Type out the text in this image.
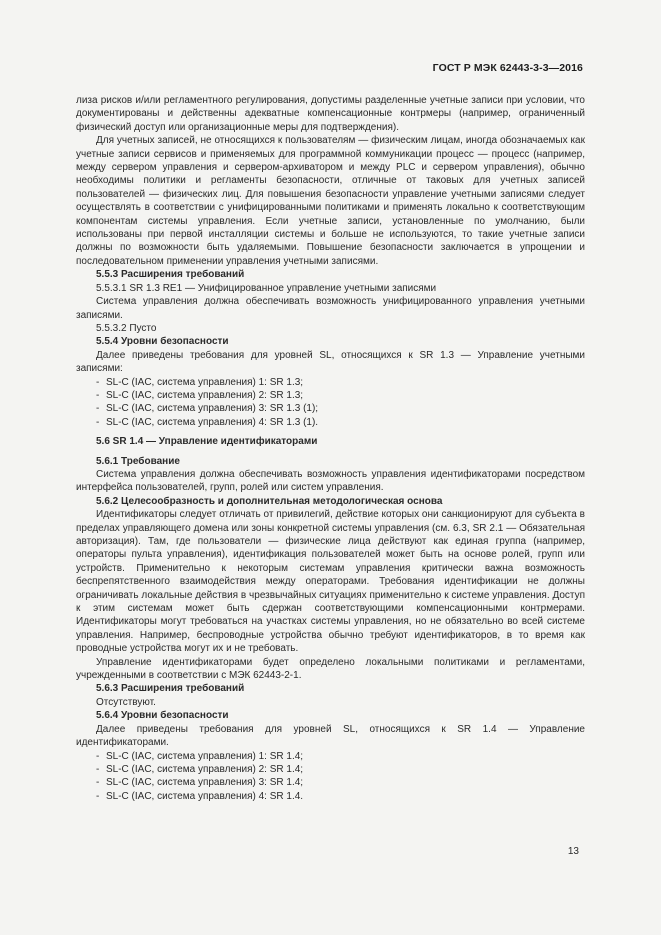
ГОСТ Р МЭК 62443-3-3—2016

лиза рисков и/или регламентного регулирования, допустимы разделенные учетные записи при условии, что документированы и действенны адекватные компенсационные контрмеры (например, ограниченный физический доступ или организационные меры для подтверждения).

Для учетных записей, не относящихся к пользователям — физическим лицам, иногда обозначаемых как учетные записи сервисов и применяемых для программной коммуникации процесс — процесс (например, между сервером управления и сервером-архиватором и между PLC и сервером управления), обычно необходимы политики и регламенты безопасности, отличные от таковых для учетных записей пользователей — физических лиц. Для повышения безопасности управление учетными записями следует осуществлять в соответствии с унифицированными политиками и применять локально к соответствующим компонентам системы управления. Если учетные записи, установленные по умолчанию, были использованы при первой инсталляции системы и больше не используются, то такие учетные записи должны по возможности быть удаляемыми. Повышение безопасности заключается в упрощении и последовательном применении управления учетными записями.

5.5.3 Расширения требований

5.5.3.1 SR 1.3 RE1 — Унифицированное управление учетными записями

Система управления должна обеспечивать возможность унифицированного управления учетными записями.

5.5.3.2 Пусто

5.5.4 Уровни безопасности

Далее приведены требования для уровней SL, относящихся к SR 1.3 — Управление учетными записями:

- SL-C (IAC, система управления) 1: SR 1.3;

- SL-C (IAC, система управления) 2: SR 1.3;

- SL-C (IAC, система управления) 3: SR 1.3 (1);

- SL-C (IAC, система управления) 4: SR 1.3 (1).

5.6 SR 1.4 — Управление идентификаторами

5.6.1 Требование

Система управления должна обеспечивать возможность управления идентификаторами посредством интерфейса пользователей, групп, ролей или систем управления.

5.6.2 Целесообразность и дополнительная методологическая основа

Идентификаторы следует отличать от привилегий, действие которых они санкционируют для субъекта в пределах управляющего домена или зоны конкретной системы управления (см. 6.3, SR 2.1 — Обязательная авторизация). Там, где пользователи — физические лица действуют как единая группа (например, операторы пульта управления), идентификация пользователей может быть на основе ролей, групп или устройств. Применительно к некоторым системам управления критически важна возможность беспрепятственного взаимодействия между операторами. Требования идентификации не должны ограничивать локальные действия в чрезвычайных ситуациях применительно к системе управления. Доступ к этим системам может быть сдержан соответствующими компенсационными контрмерами. Идентификаторы могут требоваться на участках системы управления, но не обязательно во всей системе управления. Например, беспроводные устройства обычно требуют идентификаторов, в то время как проводные устройства могут их и не требовать.

Управление идентификаторами будет определено локальными политиками и регламентами, учрежденными в соответствии с МЭК 62443-2-1.

5.6.3 Расширения требований

Отсутствуют.

5.6.4 Уровни безопасности

Далее приведены требования для уровней SL, относящихся к SR 1.4 — Управление идентификаторами.

- SL-C (IAC, система управления) 1: SR 1.4;

- SL-C (IAC, система управления) 2: SR 1.4;

- SL-C (IAC, система управления) 3: SR 1.4;

- SL-C (IAC, система управления) 4: SR 1.4.

13
